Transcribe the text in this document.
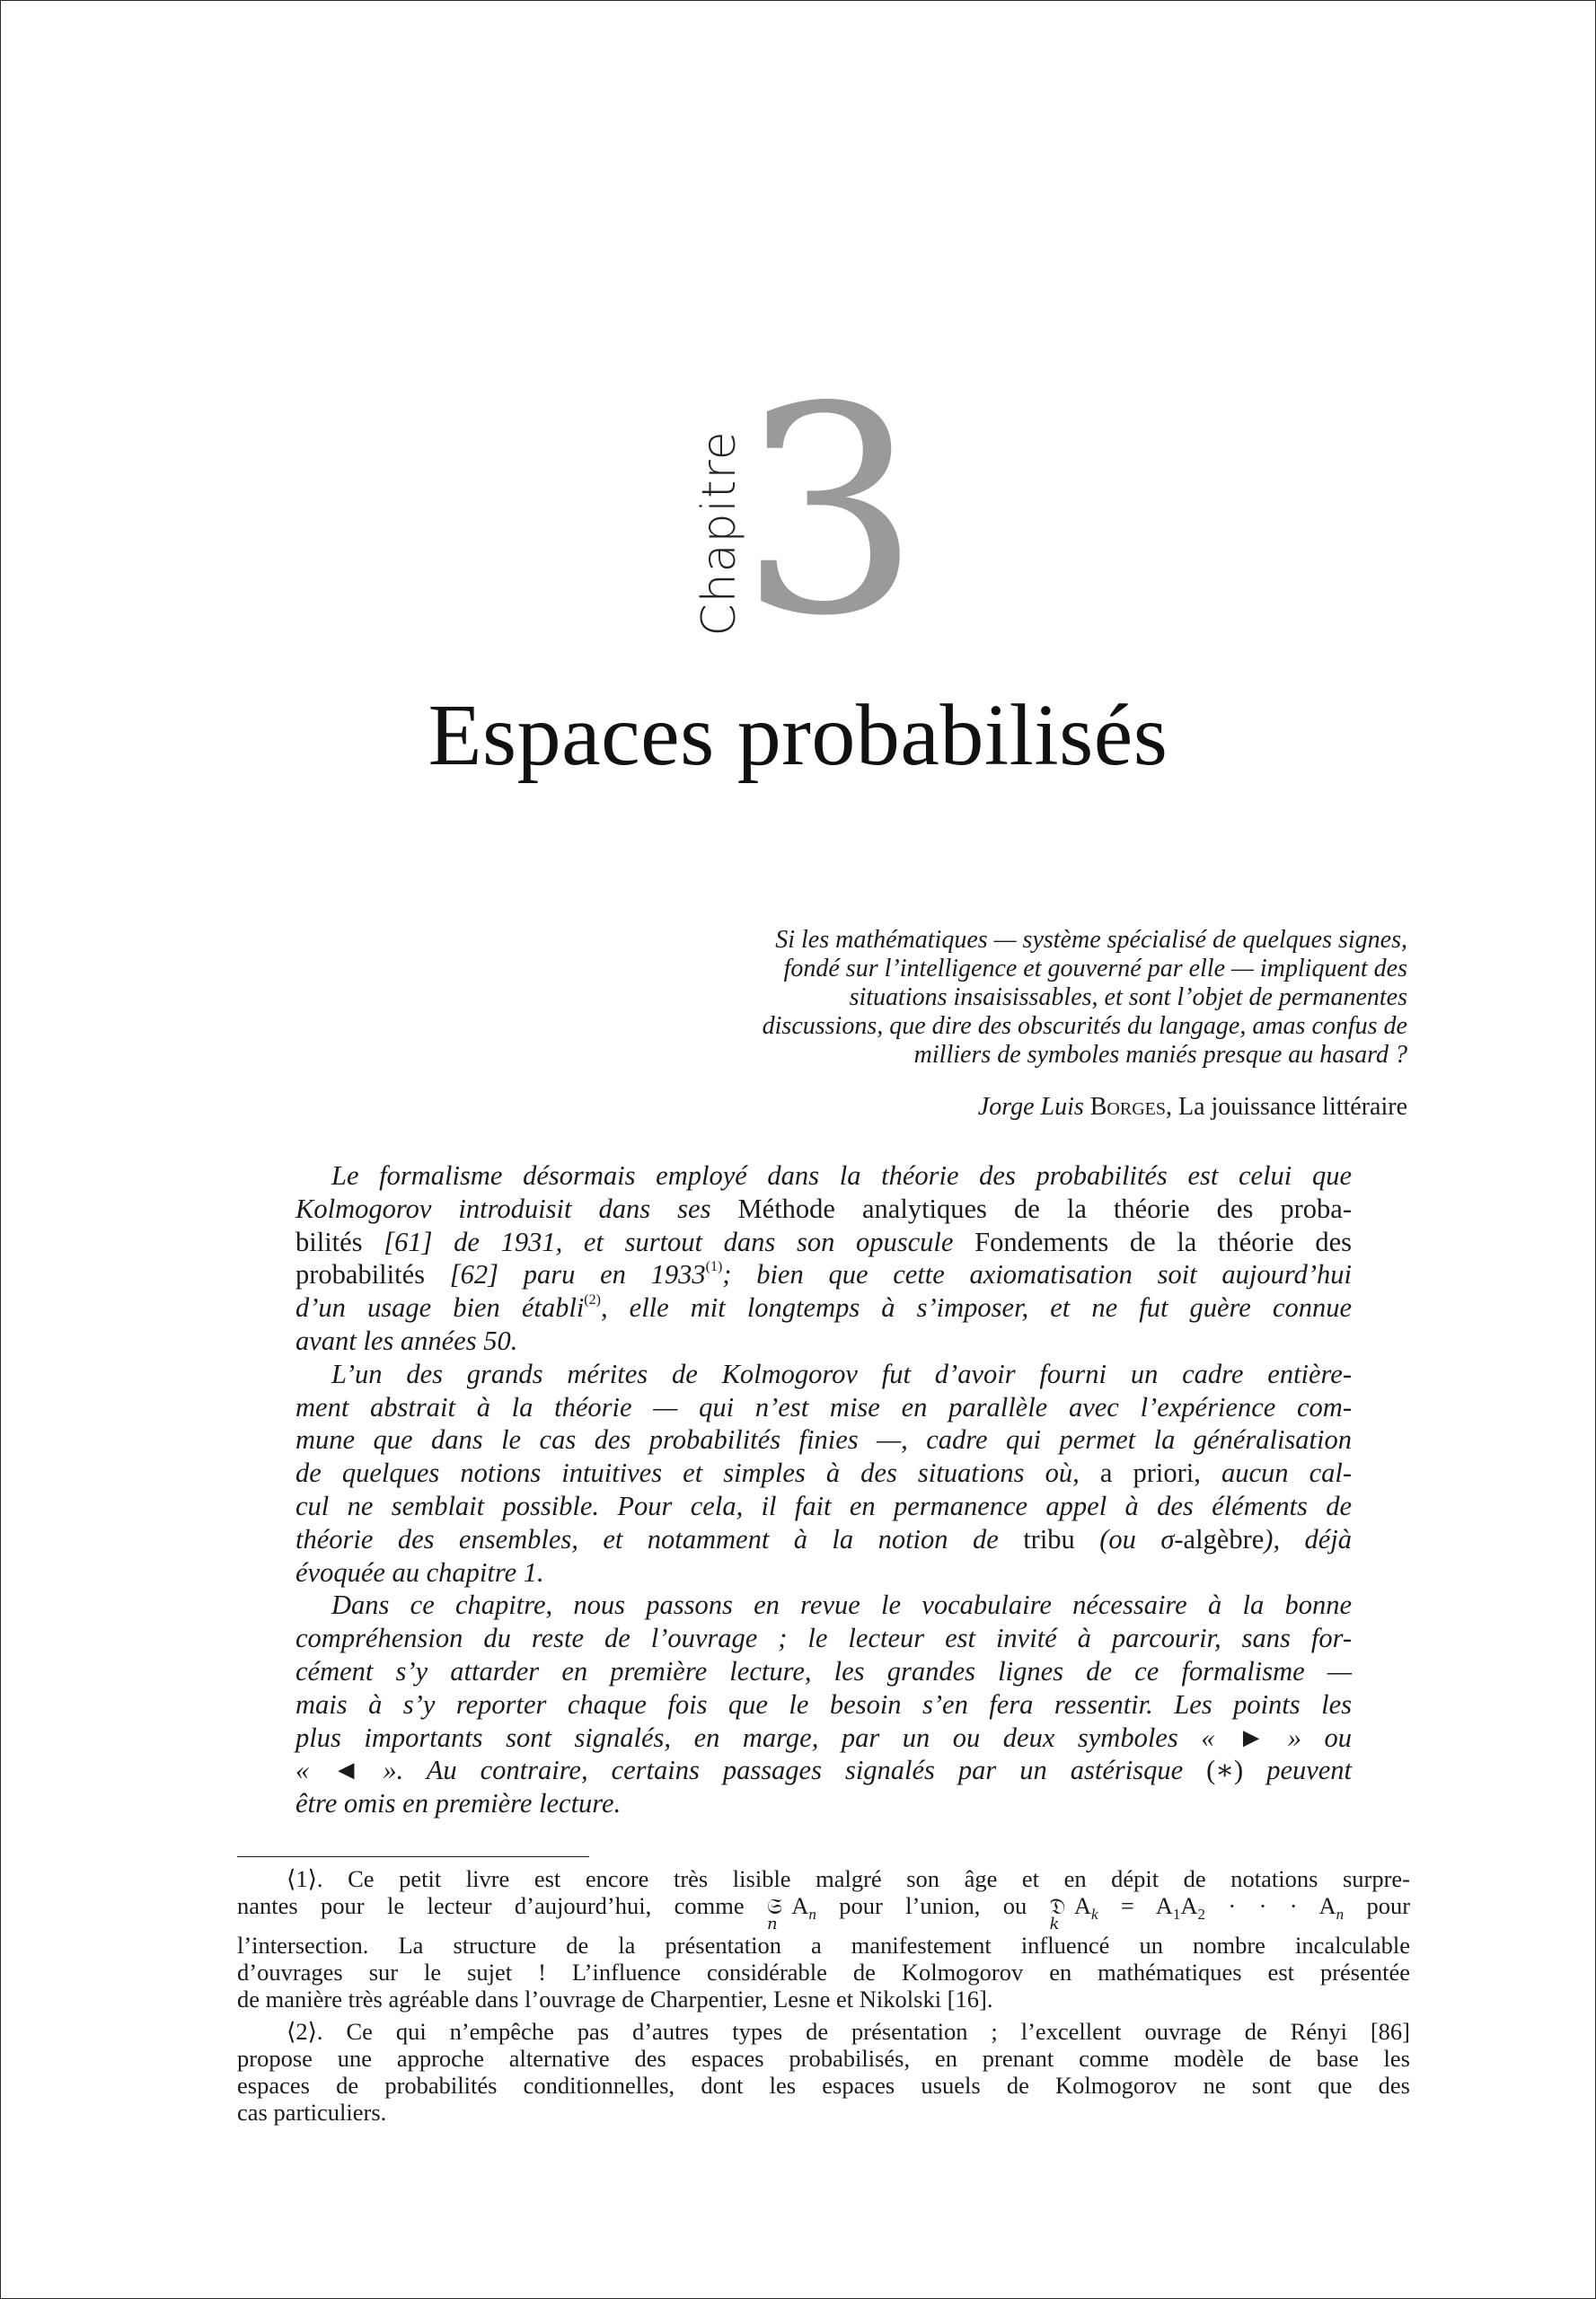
Chapitre
3
Espaces probabilisés
Si les mathématiques — système spécialisé de quelques signes,
fondé sur l’intelligence et gouverné par elle — impliquent des
situations insaisissables, et sont l’objet de permanentes
discussions, que dire des obscurités du langage, amas confus de
milliers de symboles maniés presque au hasard ?
Jorge Luis Borges, La jouissance littéraire
Le formalisme désormais employé dans la théorie des probabilités est celui que
Kolmogorov introduisit dans ses Méthode analytiques de la théorie des proba-
bilités [61] de 1931, et surtout dans son opuscule Fondements de la théorie des
probabilités [62] paru en 1933$^{(1)}$; bien que cette axiomatisation soit aujourd’hui
d’un usage bien établi$^{(2)}$, elle mit longtemps à s’imposer, et ne fut guère connue
avant les années 50.
L’un des grands mérites de Kolmogorov fut d’avoir fourni un cadre entière-
ment abstrait à la théorie — qui n’est mise en parallèle avec l’expérience com-
mune que dans le cas des probabilités finies —, cadre qui permet la généralisation
de quelques notions intuitives et simples à des situations où, a priori, aucun cal-
cul ne semblait possible. Pour cela, il fait en permanence appel à des éléments de
théorie des ensembles, et notamment à la notion de tribu (ou σ-algèbre), déjà
évoquée au chapitre 1.
Dans ce chapitre, nous passons en revue le vocabulaire nécessaire à la bonne
compréhension du reste de l’ouvrage ; le lecteur est invité à parcourir, sans for-
cément s’y attarder en première lecture, les grandes lignes de ce formalisme —
mais à s’y reporter chaque fois que le besoin s’en fera ressentir. Les points les
plus importants sont signalés, en marge, par un ou deux symboles « ► » ou
« ◄ ». Au contraire, certains passages signalés par un astérisque (∗) peuvent
être omis en première lecture.
⟨1⟩. Ce petit livre est encore très lisible malgré son âge et en dépit de notations surpre-
nantes pour le lecteur d’aujourd’hui, comme 𝔖
n
 $A_n$ pour l’union, ou 𝔇
k
 $A_k = A_1A_2$ · · · $A_n$ pour
l’intersection. La structure de la présentation a manifestement influencé un nombre incalculable
d’ouvrages sur le sujet ! L’influence considérable de Kolmogorov en mathématiques est présentée
de manière très agréable dans l’ouvrage de Charpentier, Lesne et Nikolski [16].
⟨2⟩. Ce qui n’empêche pas d’autres types de présentation ; l’excellent ouvrage de Rényi [86]
propose une approche alternative des espaces probabilisés, en prenant comme modèle de base les
espaces de probabilités conditionnelles, dont les espaces usuels de Kolmogorov ne sont que des
cas particuliers.
